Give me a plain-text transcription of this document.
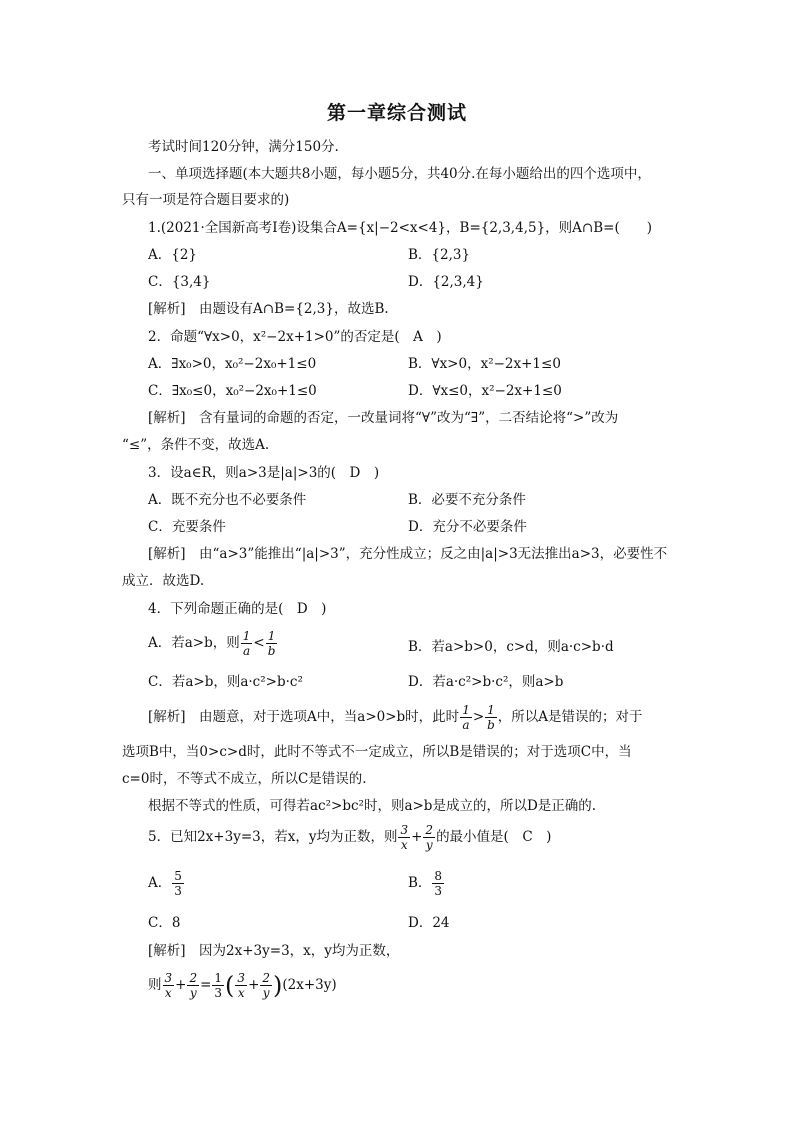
第一章综合测试
考试时间120分钟，满分150分.
一、单项选择题(本大题共8小题，每小题5分，共40分.在每小题给出的四个选项中，
只有一项是符合题目要求的)
1.(2021·全国新高考Ⅰ卷)设集合A={x|−2<x<4}，B={2,3,4,5}，则A∩B=(　　)
A．{2}	B．{2,3}
C．{3,4}	D．{2,3,4}
[解析]　由题设有A∩B={2,3}，故选B.
2．命题“∀x>0，x²−2x+1>0”的否定是(　A　)
A．∃x₀>0，x₀²−2x₀+1≤0	B．∀x>0，x²−2x+1≤0
C．∃x₀≤0，x₀²−2x₀+1≤0	D．∀x≤0，x²−2x+1≤0
[解析]　含有量词的命题的否定，一改量词将“∀”改为“∃”，二否结论将“>”改为
“≤”，条件不变，故选A.
3．设a∈R，则a>3是|a|>3的(　D　)
A．既不充分也不必要条件	B．必要不充分条件
C．充要条件	D．充分不必要条件
[解析]　由“a>3”能推出“|a|>3”，充分性成立；反之由|a|>3无法推出a>3，必要性不
成立．故选D.
4．下列命题正确的是(　D　)
A．若a>b，则 $\frac{1}{a} < \frac{1}{b}$	B．若a>b>0，c>d，则a·c>b·d
C．若a>b，则a·c²>b·c²	D．若a·c²>b·c²，则a>b
[解析]　由题意，对于选项A中，当a>0>b时，此时 $\frac{1}{a} > \frac{1}{b}$ ，所以A是错误的；对于
选项B中，当0>c>d时，此时不等式不一定成立，所以B是错误的；对于选项C中，当
c=0时，不等式不成立，所以C是错误的.
根据不等式的性质，可得若ac²>bc²时，则a>b是成立的，所以D是正确的.
5．已知2x+3y=3，若x，y均为正数，则 $\frac{3}{x} + \frac{2}{y}$ 的最小值是(　C　)
A． $\frac{5}{3}$	B． $\frac{8}{3}$
C．8	D．24
[解析]　因为2x+3y=3，x，y均为正数，
则 $\frac{3}{x} + \frac{2}{y} = \frac{1}{3}$ ( $\frac{3}{x} + \frac{2}{y} )(2x+3y)$
